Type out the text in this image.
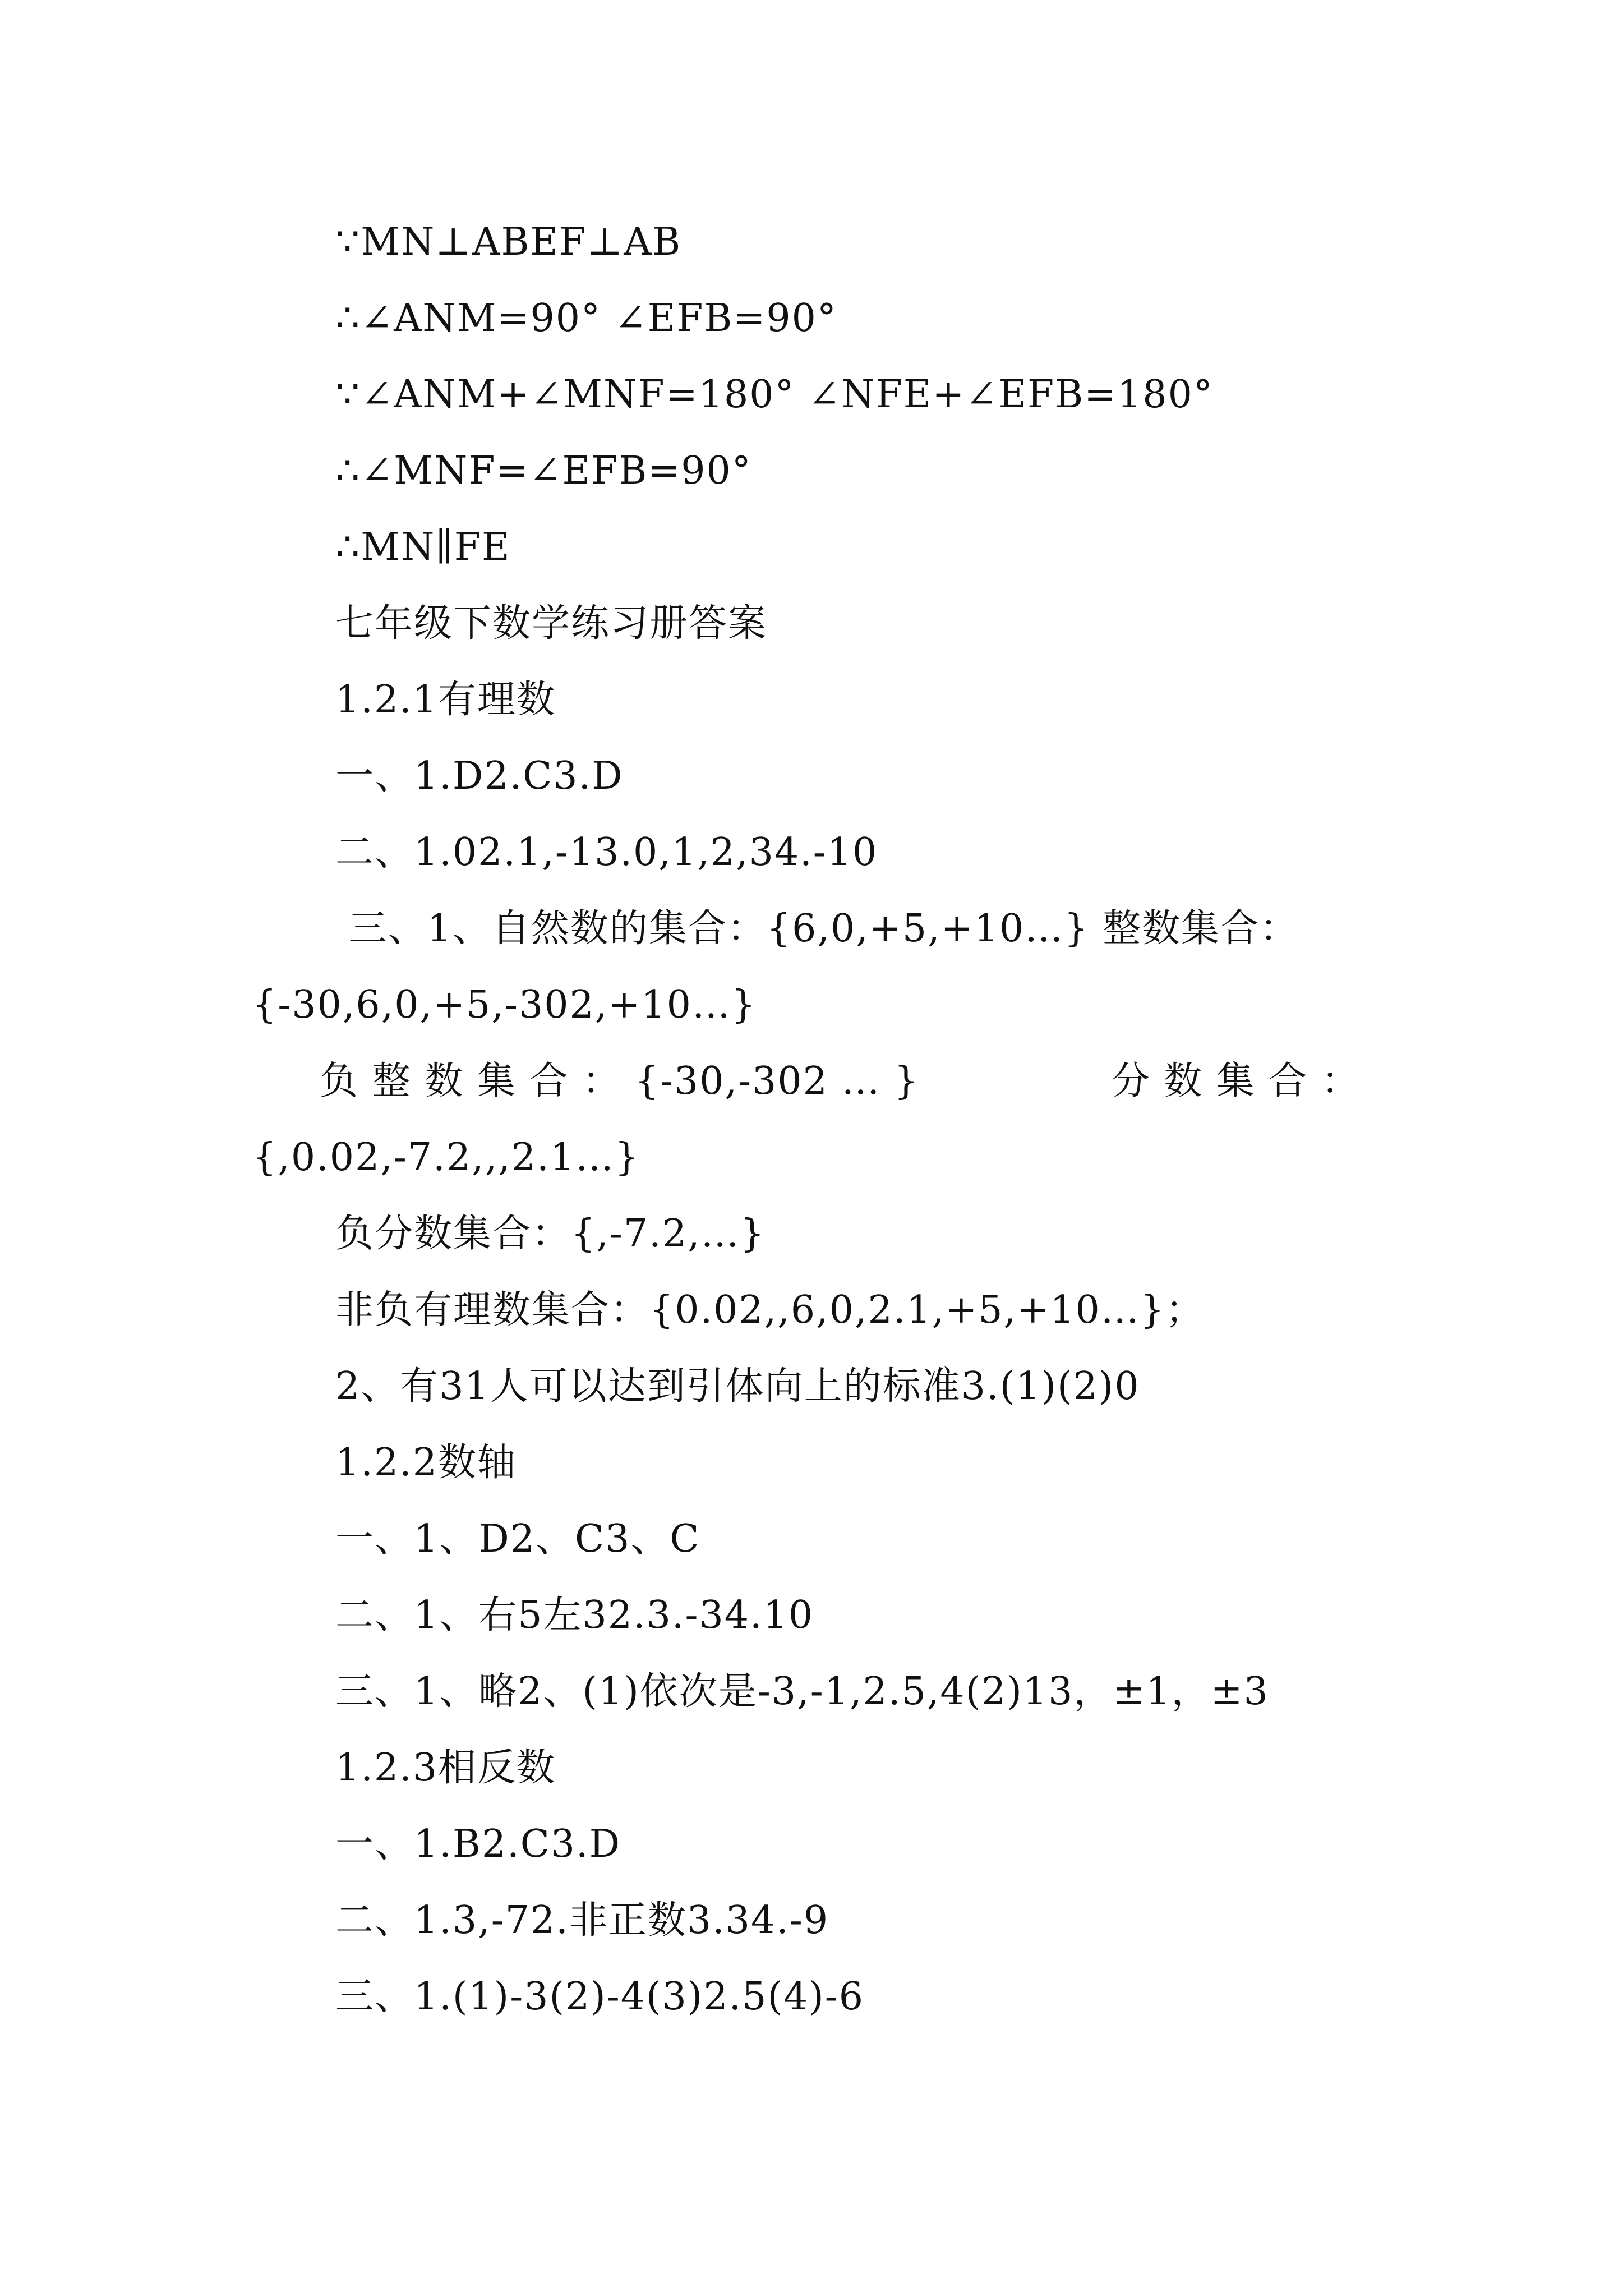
∵MN⊥ABEF⊥AB
∴∠ANM=90° ∠EFB=90°
∵∠ANM+∠MNF=180° ∠NFE+∠EFB=180°
∴∠MNF=∠EFB=90°
∴MN∥FE
七年级下数学练习册答案
1.2.1有理数
一、1.D2.C3.D
二、1.02.1,-13.0,1,2,34.-10
三、1、自然数的集合：{6,0,+5,+10…} 整数集合：
{-30,6,0,+5,-302,+10…}
负 整 数 集 合 ： {-30,-302 … }	分 数 集 合 ：
{,0.02,-7.2,,,2.1…}
负分数集合：{,-7.2,…}
非负有理数集合：{0.02,,6,0,2.1,+5,+10…}；
2、有31人可以达到引体向上的标准3.(1)(2)0
1.2.2数轴
一、1、D2、C3、C
二、1、右5左32.3.-34.10
三、1、略2、(1)依次是-3,-1,2.5,4(2)13，±1，±3
1.2.3相反数
一、1.B2.C3.D
二、1.3,-72.非正数3.34.-9
三、1.(1)-3(2)-4(3)2.5(4)-6
